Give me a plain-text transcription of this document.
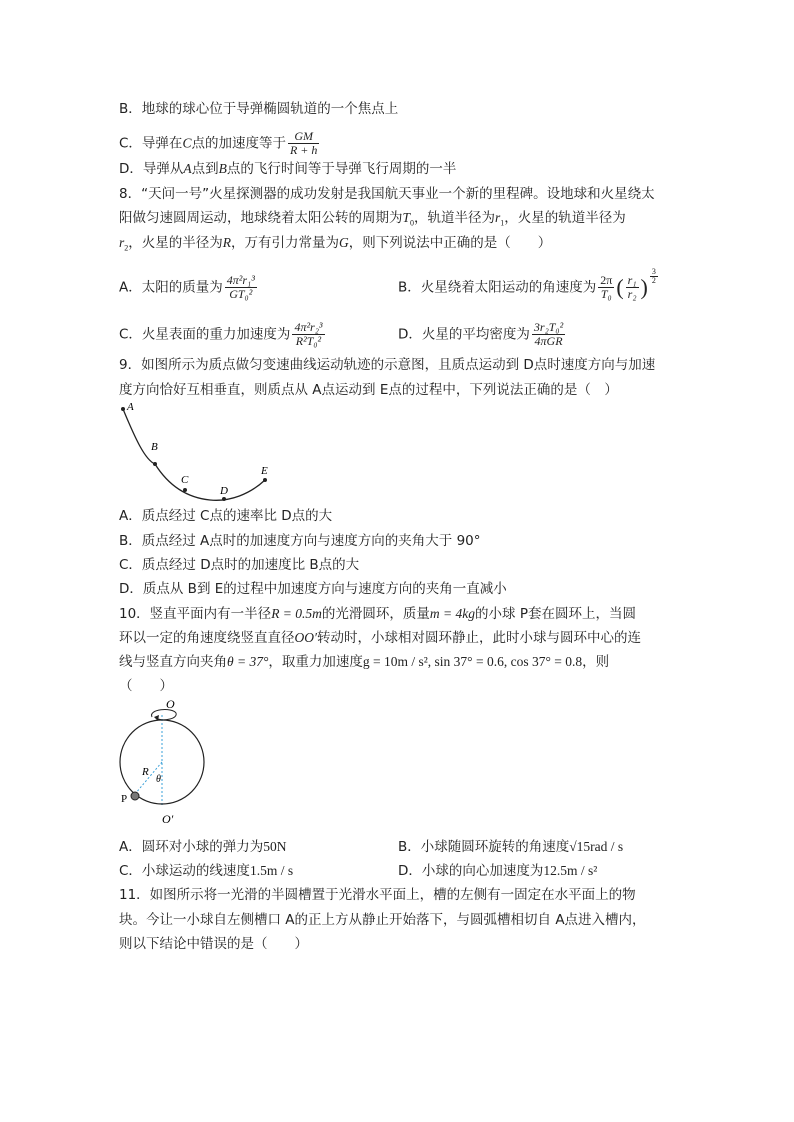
B．地球的球心位于导弹椭圆轨道的一个焦点上
C．导弹在C点的加速度等于 $\frac{GM}{R + h}$
D．导弹从A点到B点的飞行时间等于导弹飞行周期的一半
8．“天问一号”火星探测器的成功发射是我国航天事业一个新的里程碑。设地球和火星绕太
阳做匀速圆周运动，地球绕着太阳公转的周期为$T_0$，轨道半径为$r_1$，火星的轨道半径为
$r_2$，火星的半径为R，万有引力常量为G，则下列说法中正确的是（　　）
A．太阳的质量为 $\frac{\text{4π²r₁³}}{\text{GT₀²}}$	B．火星绕着太阳运动的角速度为 $\frac{2\pi}{\text{T₀}}$ ( $\frac{\text{r₁}}{\text{r₂}}$ ) $\frac{3}{2}$
C．火星表面的重力加速度为 $\frac{\text{4π²r₂³}}{\text{R²T₀²}}$	D．火星的平均密度为 $\frac{\text{3r₂T₀²}}{\text{4πGR}}$
9．如图所示为质点做匀变速曲线运动轨迹的示意图，且质点运动到 D点时速度方向与加速
度方向恰好互相垂直，则质点从 A点运动到 E点的过程中，下列说法正确的是（　）
A
B
C
D
E
A．质点经过 C点的速率比 D点的大
B．质点经过 A点时的加速度方向与速度方向的夹角大于 90°
C．质点经过 D点时的加速度比 B点的大
D．质点从 B到 E的过程中加速度方向与速度方向的夹角一直减小
10．竖直平面内有一半径R = 0.5m的光滑圆环，质量m = 4kg的小球 P套在圆环上，当圆
环以一定的角速度绕竖直直径OO′转动时，小球相对圆环静止，此时小球与圆环中心的连
线与竖直方向夹角θ = 37°，取重力加速度g = 10m / s², sin 37° = 0.6, cos 37° = 0.8，则
（　　）
O
R
θ
P
O′
A．圆环对小球的弹力为50N	B．小球随圆环旋转的角速度√15rad / s
C．小球运动的线速度1.5m / s	D．小球的向心加速度为12.5m / s²
11．如图所示将一光滑的半圆槽置于光滑水平面上，槽的左侧有一固定在水平面上的物
块。今让一小球自左侧槽口 A的正上方从静止开始落下，与圆弧槽相切自 A点进入槽内，
则以下结论中错误的是（　　）
